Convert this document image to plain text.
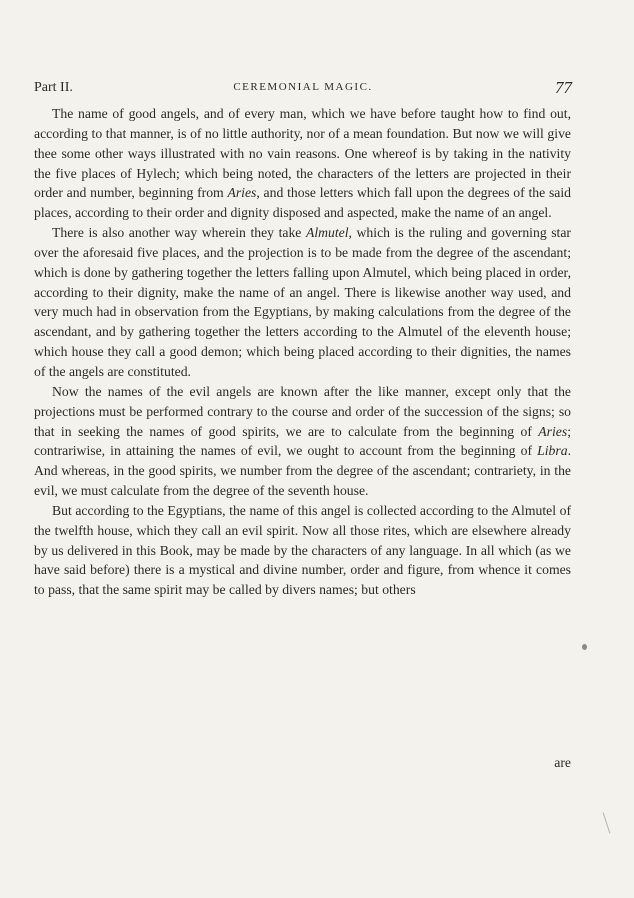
Part II.	CEREMONIAL MAGIC.	77

The name of good angels, and of every man, which we have before taught how to find out, according to that manner, is of no little authority, nor of a mean foundation. But now we will give thee some other ways illustrated with no vain reasons. One whereof is by taking in the nativity the five places of Hylech; which being noted, the characters of the letters are projected in their order and number, beginning from Aries, and those letters which fall upon the degrees of the said places, according to their order and dignity disposed and aspected, make the name of an angel.

There is also another way wherein they take Almutel, which is the ruling and governing star over the aforesaid five places, and the projection is to be made from the degree of the ascendant; which is done by gathering together the letters falling upon Almutel, which being placed in order, according to their dignity, make the name of an angel. There is likewise another way used, and very much had in observation from the Egyptians, by making calculations from the degree of the ascendant, and by gathering together the letters according to the Almutel of the eleventh house; which house they call a good demon; which being placed according to their dignities, the names of the angels are constituted.

Now the names of the evil angels are known after the like manner, except only that the projections must be performed contrary to the course and order of the succession of the signs; so that in seeking the names of good spirits, we are to calculate from the beginning of Aries; contrariwise, in attaining the names of evil, we ought to account from the beginning of Libra. And whereas, in the good spirits, we number from the degree of the ascendant; contrariety, in the evil, we must calculate from the degree of the seventh house.

But according to the Egyptians, the name of this angel is collected according to the Almutel of the twelfth house, which they call an evil spirit. Now all those rites, which are elsewhere already by us delivered in this Book, may be made by the characters of any language. In all which (as we have said before) there is a mystical and divine number, order and figure, from whence it comes to pass, that the same spirit may be called by divers names; but others

are
